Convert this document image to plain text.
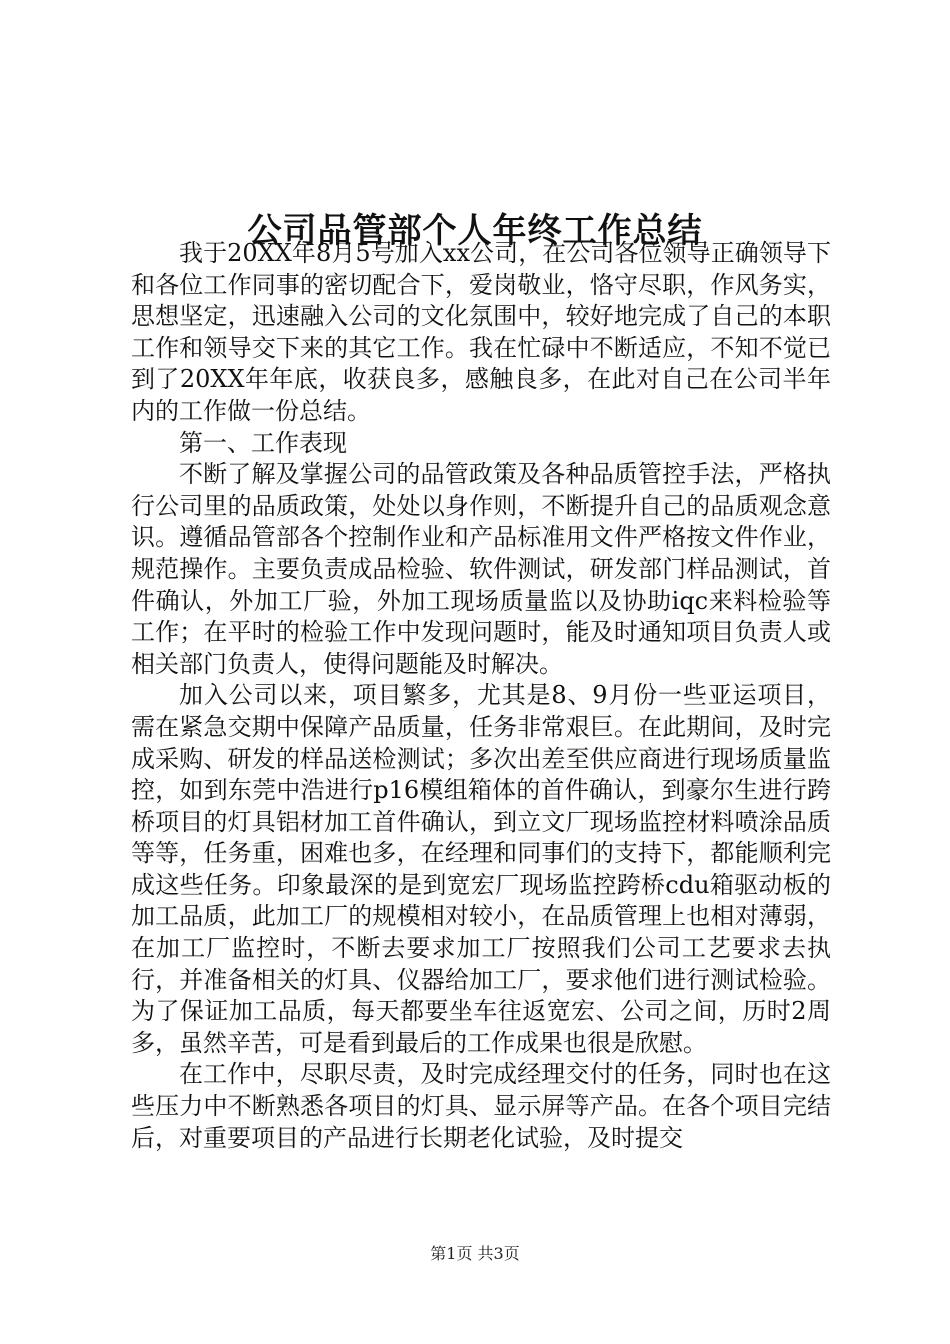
公司品管部个人年终工作总结

我于20XX年8月5号加入xx公司，在公司各位领导正确领导下和各位工作同事的密切配合下，爱岗敬业，恪守尽职，作风务实，思想坚定，迅速融入公司的文化氛围中，较好地完成了自己的本职工作和领导交下来的其它工作。我在忙碌中不断适应，不知不觉已到了20XX年年底，收获良多，感触良多，在此对自己在公司半年内的工作做一份总结。

第一、工作表现

不断了解及掌握公司的品管政策及各种品质管控手法，严格执行公司里的品质政策，处处以身作则，不断提升自己的品质观念意识。遵循品管部各个控制作业和产品标准用文件严格按文件作业，规范操作。主要负责成品检验、软件测试，研发部门样品测试，首件确认，外加工厂验，外加工现场质量监以及协助iqc来料检验等工作；在平时的检验工作中发现问题时，能及时通知项目负责人或相关部门负责人，使得问题能及时解决。

加入公司以来，项目繁多，尤其是8、9月份一些亚运项目，需在紧急交期中保障产品质量，任务非常艰巨。在此期间，及时完成采购、研发的样品送检测试；多次出差至供应商进行现场质量监控，如到东莞中浩进行p16模组箱体的首件确认，到豪尔生进行跨桥项目的灯具铝材加工首件确认，到立文厂现场监控材料喷涂品质等等，任务重，困难也多，在经理和同事们的支持下，都能顺利完成这些任务。印象最深的是到宽宏厂现场监控跨桥cdu箱驱动板的加工品质，此加工厂的规模相对较小，在品质管理上也相对薄弱，在加工厂监控时，不断去要求加工厂按照我们公司工艺要求去执行，并准备相关的灯具、仪器给加工厂，要求他们进行测试检验。为了保证加工品质，每天都要坐车往返宽宏、公司之间，历时2周多，虽然辛苦，可是看到最后的工作成果也很是欣慰。

在工作中，尽职尽责，及时完成经理交付的任务，同时也在这些压力中不断熟悉各项目的灯具、显示屏等产品。在各个项目完结后，对重要项目的产品进行长期老化试验，及时提交

第1页 共3页
